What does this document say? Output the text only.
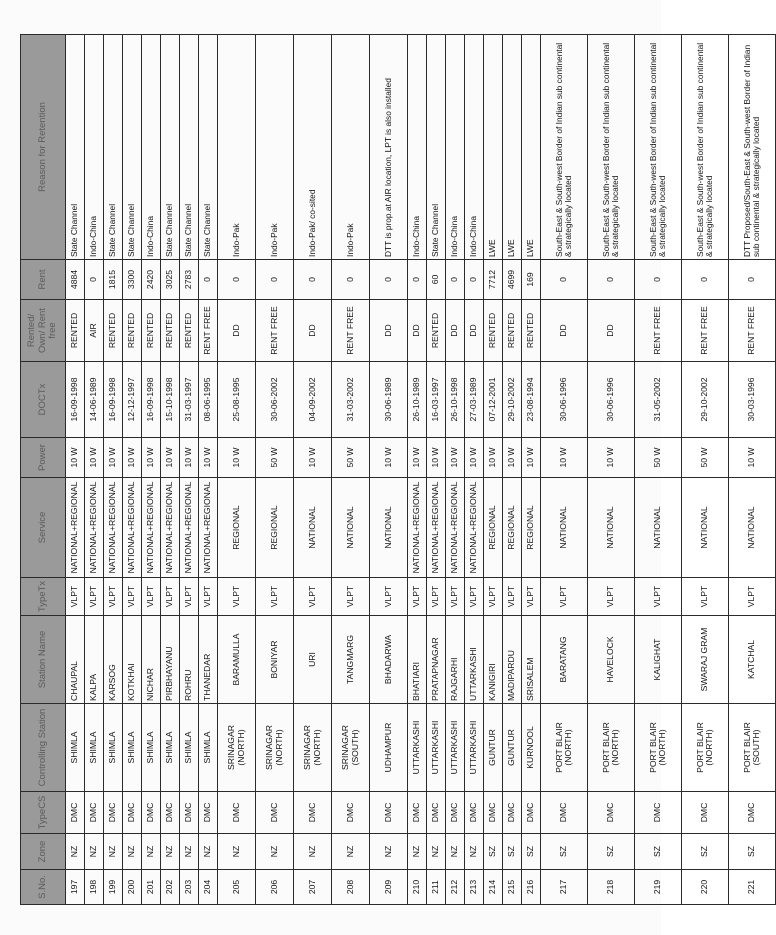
S.No.	Zone	TypeCS	Controlling Station	Station Name	TypeTx	Service	Power	DOCTx	Rented/ Own/ Rent free	Rent	Reason for Retention
197	NZ	DMC	SHIMLA	CHAUPAL	VLPT	NATIONAL+REGIONAL	10 W	16-09-1998	RENTED	4884	State Channel
198	NZ	DMC	SHIMLA	KALPA	VLPT	NATIONAL+REGIONAL	10 W	14-06-1989	AIR	0	Indo-China
199	NZ	DMC	SHIMLA	KARSOG	VLPT	NATIONAL+REGIONAL	10 W	16-09-1998	RENTED	1815	State Channel
200	NZ	DMC	SHIMLA	KOTKHAI	VLPT	NATIONAL+REGIONAL	10 W	12-12-1997	RENTED	3300	State Channel
201	NZ	DMC	SHIMLA	NICHAR	VLPT	NATIONAL+REGIONAL	10 W	16-09-1998	RENTED	2420	Indo-China
202	NZ	DMC	SHIMLA	PIRBHAYANU	VLPT	NATIONAL+REGIONAL	10 W	15-10-1998	RENTED	3025	State Channel
203	NZ	DMC	SHIMLA	ROHRU	VLPT	NATIONAL+REGIONAL	10 W	31-03-1997	RENTED	2783	State Channel
204	NZ	DMC	SHIMLA	THANEDAR	VLPT	NATIONAL+REGIONAL	10 W	08-06-1995	RENT FREE	0	State Channel
205	NZ	DMC	SRINAGAR (NORTH)	BARAMULLA	VLPT	REGIONAL	10 W	25-08-1995	DD	0	Indo-Pak
206	NZ	DMC	SRINAGAR (NORTH)	BONIYAR	VLPT	REGIONAL	50 W	30-06-2002	RENT FREE	0	Indo-Pak
207	NZ	DMC	SRINAGAR (NORTH)	URI	VLPT	NATIONAL	10 W	04-09-2002	DD	0	Indo-Pak/ co-sited
208	NZ	DMC	SRINAGAR (SOUTH)	TANGMARG	VLPT	NATIONAL	50 W	31-03-2002	RENT FREE	0	Indo-Pak
209	NZ	DMC	UDHAMPUR	BHADARWA	VLPT	NATIONAL	10 W	30-06-1989	DD	0	DTT is prop.at AIR location, LPT is also installed
210	NZ	DMC	UTTARKASHI	BHATIARI	VLPT	NATIONAL+REGIONAL	10 W	26-10-1989	DD	0	Indo-China
211	NZ	DMC	UTTARKASHI	PRATAPNAGAR	VLPT	NATIONAL+REGIONAL	10 W	16-03-1997	RENTED	60	State Channel
212	NZ	DMC	UTTARKASHI	RAJGARHI	VLPT	NATIONAL+REGIONAL	10 W	26-10-1998	DD	0	Indo-China
213	NZ	DMC	UTTARKASHI	UTTARKASHI	VLPT	NATIONAL+REGIONAL	10 W	27-03-1989	DD	0	Indo-China
214	SZ	DMC	GUNTUR	KANIGIRI	VLPT	REGIONAL	10 W	07-12-2001	RENTED	7712	LWE
215	SZ	DMC	GUNTUR	MADIPARDU	VLPT	REGIONAL	10 W	29-10-2002	RENTED	4699	LWE
216	SZ	DMC	KURNOOL	SRISALEM	VLPT	REGIONAL	10 W	23-08-1994	RENTED	169	LWE
217	SZ	DMC	PORT BLAIR (NORTH)	BARATANG	VLPT	NATIONAL	10 W	30-06-1996	DD	0	South-East & South-west Border of Indian sub continental & strategically located
218	SZ	DMC	PORT BLAIR (NORTH)	HAVELOCK	VLPT	NATIONAL	10 W	30-06-1996	DD	0	South-East & South-west Border of Indian sub continental & strategically located
219	SZ	DMC	PORT BLAIR (NORTH)	KALIGHAT	VLPT	NATIONAL	50 W	31-05-2002	RENT FREE	0	South-East & South-west Border of Indian sub continental & strategically located
220	SZ	DMC	PORT BLAIR (NORTH)	SWARAJ GRAM	VLPT	NATIONAL	50 W	29-10-2002	RENT FREE	0	South-East & South-west Border of Indian sub continental & strategically located
221	SZ	DMC	PORT BLAIR (SOUTH)	KATCHAL	VLPT	NATIONAL	10 W	30-03-1996	RENT FREE	0	DTT Proposed/South-East & South-west Border of Indian sub continental & strategically located
